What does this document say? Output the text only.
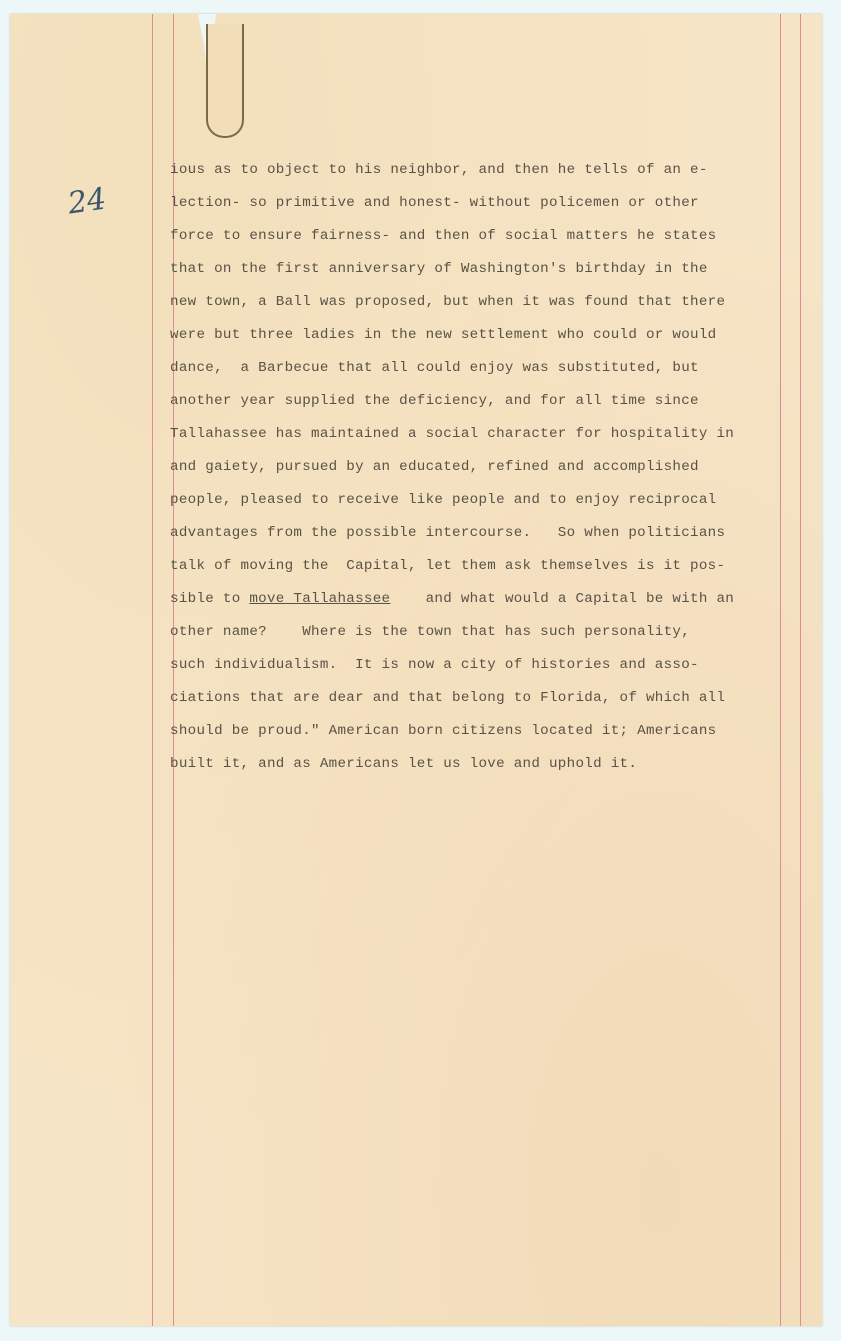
24
ious as to object to his neighbor, and then he tells of an e-
lection- so primitive and honest- without policemen or other
force to ensure fairness- and then of social matters he states
that on the first anniversary of Washington's birthday in the
new town, a Ball was proposed, but when it was found that there
were but three ladies in the new settlement who could or would
dance,  a Barbecue that all could enjoy was substituted, but
another year supplied the deficiency, and for all time since
Tallahassee has maintained a social character for hospitality in
and gaiety, pursued by an educated, refined and accomplished
people, pleased to receive like people and to enjoy reciprocal
advantages from the possible intercourse.   So when politicians
talk of moving the  Capital, let them ask themselves is it pos-
sible to move Tallahassee    and what would a Capital be with an
other name?    Where is the town that has such personality,
such individualism.  It is now a city of histories and asso-
ciations that are dear and that belong to Florida, of which all
should be proud." American born citizens located it; Americans
built it, and as Americans let us love and uphold it.
